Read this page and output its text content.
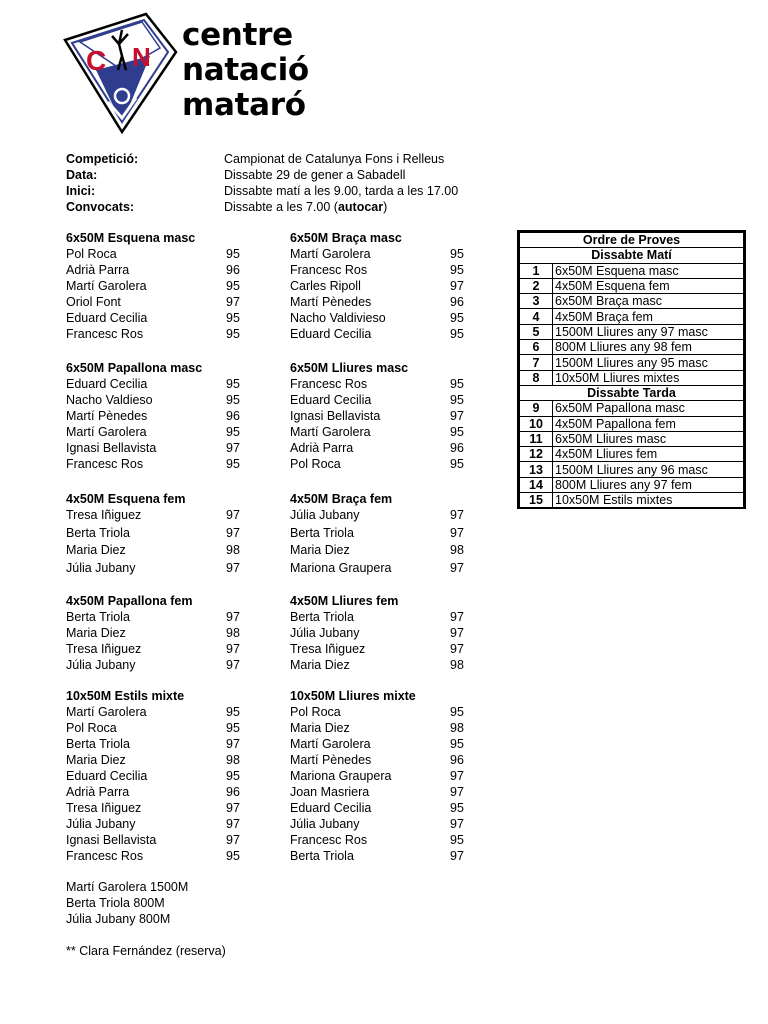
C N
centre
natació
mataró
Competició:	Campionat de Catalunya Fons i Relleus
Data:	Dissabte 29 de gener a Sabadell
Inici:	Dissabte matí a les 9.00, tarda a les 17.00
Convocats:	Dissabte a les 7.00 (autocar)
6x50M Esquena masc
Pol Roca	95
Adrià Parra	96
Martí Garolera	95
Oriol Font	97
Eduard Cecilia	95
Francesc Ros	95
6x50M Braça masc
Martí Garolera	95
Francesc Ros	95
Carles Ripoll	97
Martí Pènedes	96
Nacho Valdivieso	95
Eduard Cecilia	95
6x50M Papallona masc
Eduard Cecilia	95
Nacho Valdieso	95
Martí Pènedes	96
Martí Garolera	95
Ignasi Bellavista	97
Francesc Ros	95
6x50M Lliures masc
Francesc Ros	95
Eduard Cecilia	95
Ignasi Bellavista	97
Martí Garolera	95
Adrià Parra	96
Pol Roca	95
4x50M Esquena fem
Tresa Iñiguez	97
Berta Triola	97
Maria Diez	98
Júlia Jubany	97
4x50M Braça fem
Júlia Jubany	97
Berta Triola	97
Maria Diez	98
Mariona Graupera	97
4x50M Papallona fem
Berta Triola	97
Maria Diez	98
Tresa Iñiguez	97
Júlia Jubany	97
4x50M Lliures fem
Berta Triola	97
Júlia Jubany	97
Tresa Iñiguez	97
Maria Diez	98
10x50M Estils mixte
Martí Garolera	95
Pol Roca	95
Berta Triola	97
Maria Diez	98
Eduard Cecilia	95
Adrià Parra	96
Tresa Iñiguez	97
Júlia Jubany	97
Ignasi Bellavista	97
Francesc Ros	95
10x50M Lliures mixte
Pol Roca	95
Maria Diez	98
Martí Garolera	95
Martí Pènedes	96
Mariona Graupera	97
Joan Masriera	97
Eduard Cecilia	95
Júlia Jubany	97
Francesc Ros	95
Berta Triola	97
Ordre de Proves	
Dissabte Matí	
1	6x50M Esquena masc
2	4x50M Esquena fem
3	6x50M Braça masc
4	4x50M Braça fem
5	1500M Lliures any 97 masc
6	800M Lliures any 98 fem
7	1500M Lliures any 95 masc
8	10x50M Lliures mixtes
Dissabte Tarda	
9	6x50M Papallona masc
10	4x50M Papallona fem
11	6x50M Lliures masc
12	4x50M Lliures fem
13	1500M Lliures any 96 masc
14	800M Lliures any 97 fem
15	10x50M Estils mixtes
Martí Garolera 1500M
Berta Triola 800M
Júlia Jubany 800M
** Clara Fernández (reserva)
